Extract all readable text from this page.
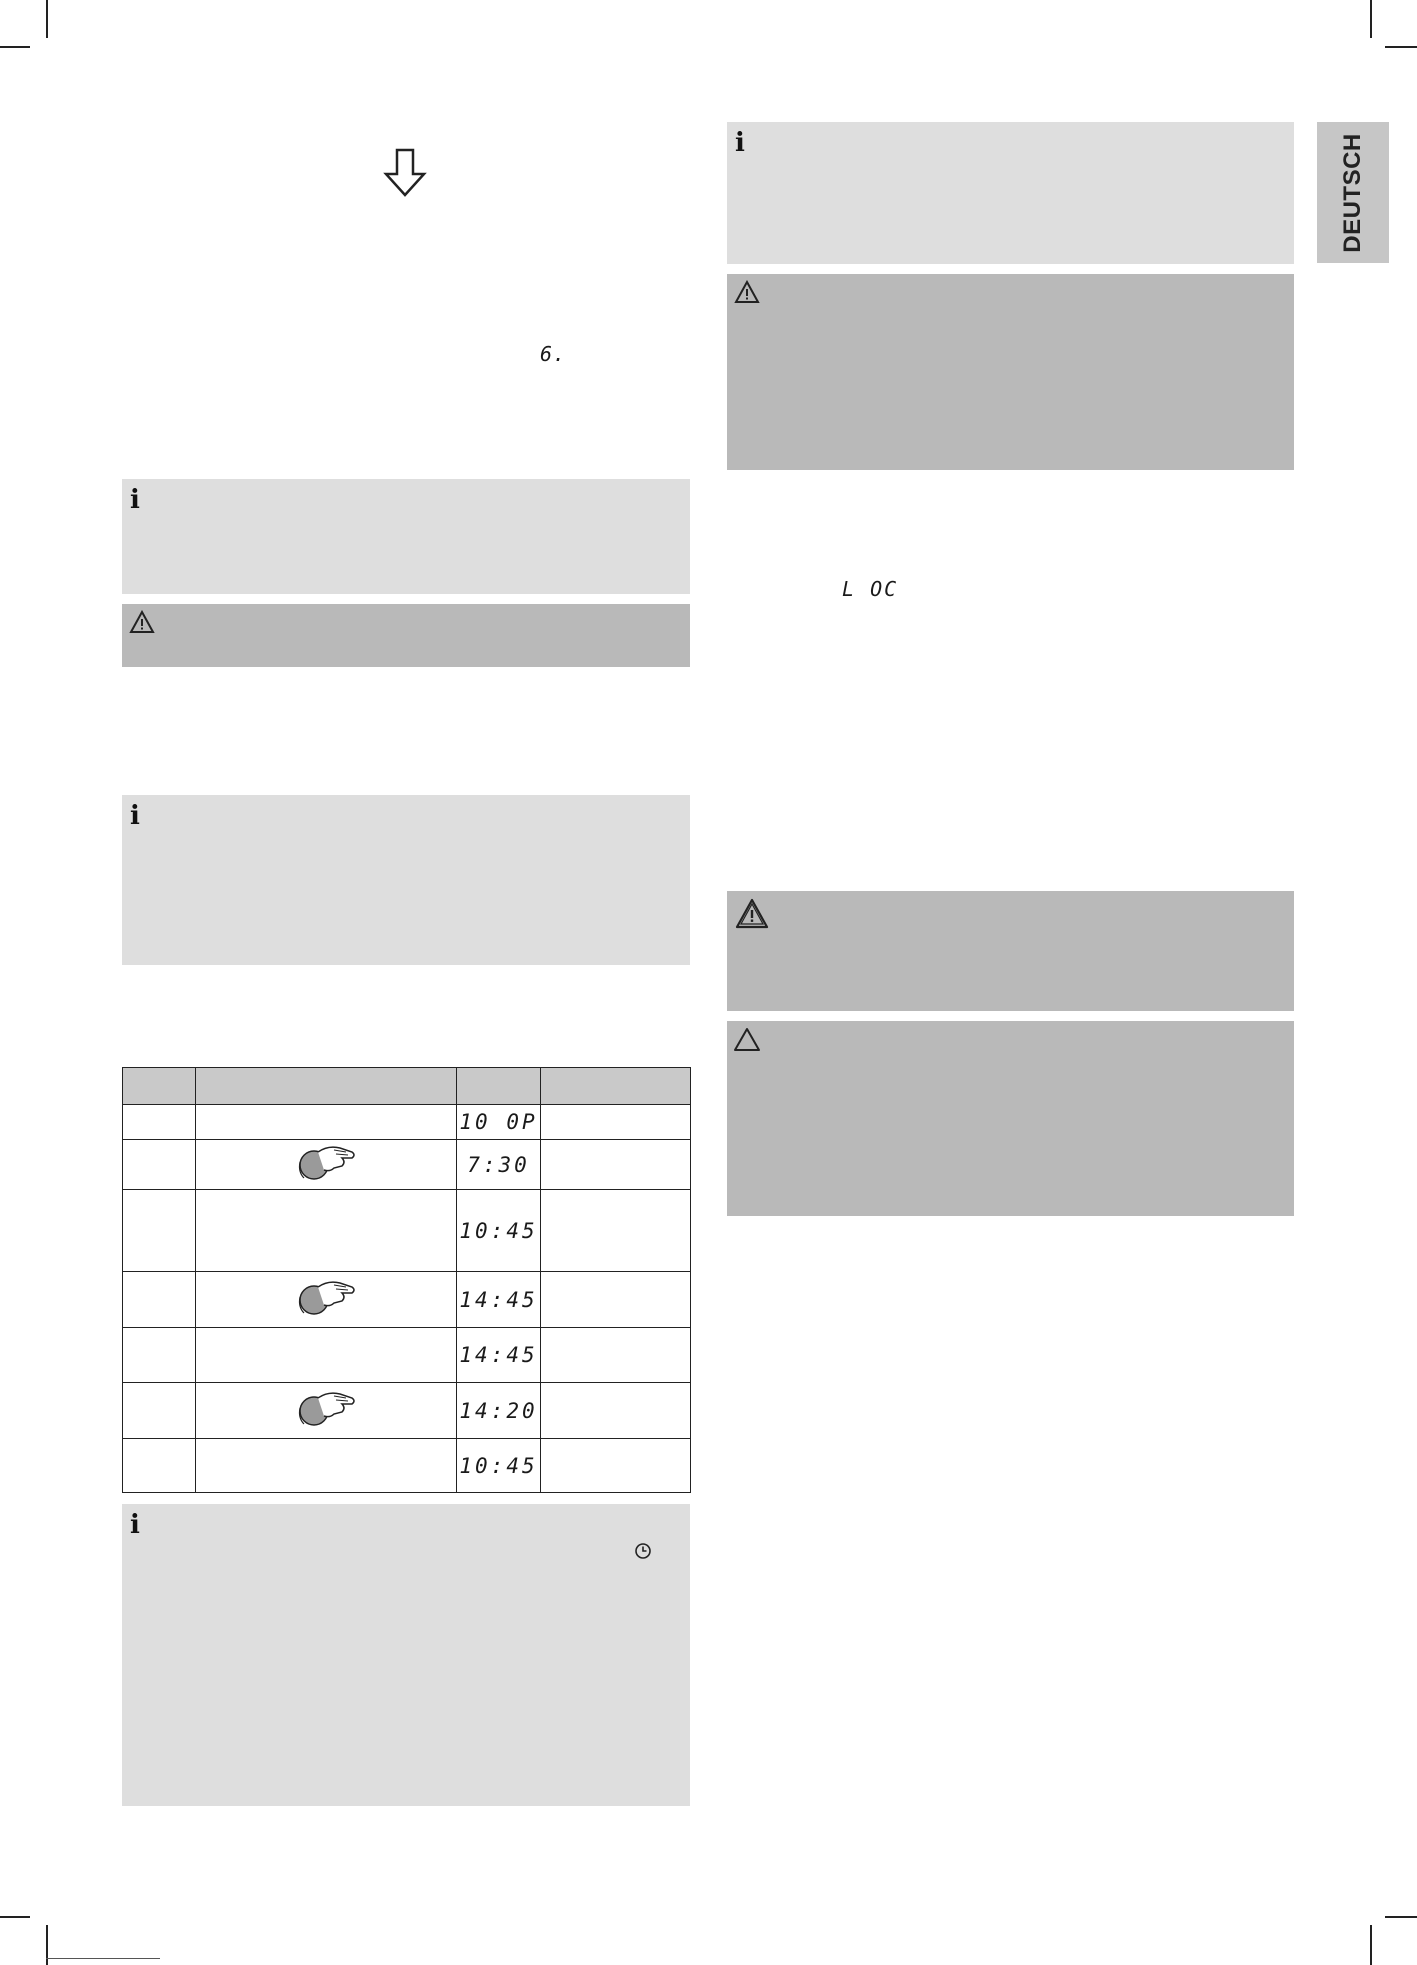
DEUTSCH
6.
i
i

		10 0P	
		7:30	
		10:45	
		14:45	
		14:45	
		14:20	
		10:45	
i
i
L OC
